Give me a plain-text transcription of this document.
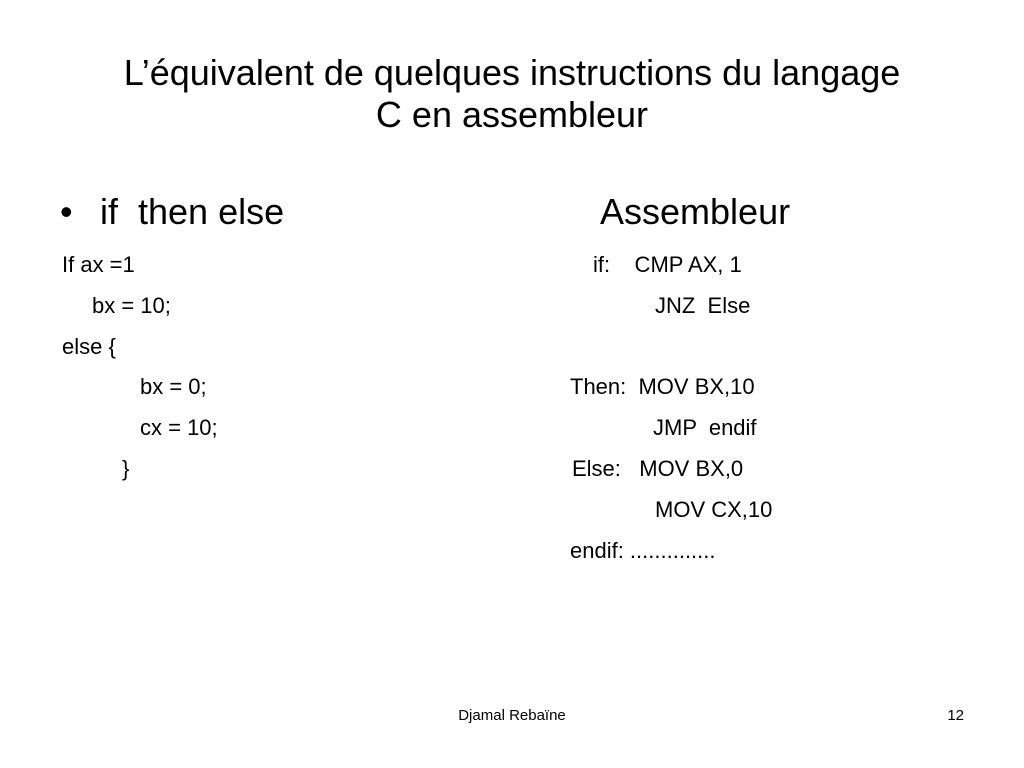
L’équivalent de quelques instructions du langage
C en assembleur
• if  then else	Assembleur
If ax =1
bx = 10;
else {
bx = 0;
cx = 10;
}
if:    CMP AX, 1
JNZ  Else
Then:  MOV BX,10
JMP  endif
Else:   MOV BX,0
MOV CX,10
endif: ..............
Djamal Rebaïne	12
